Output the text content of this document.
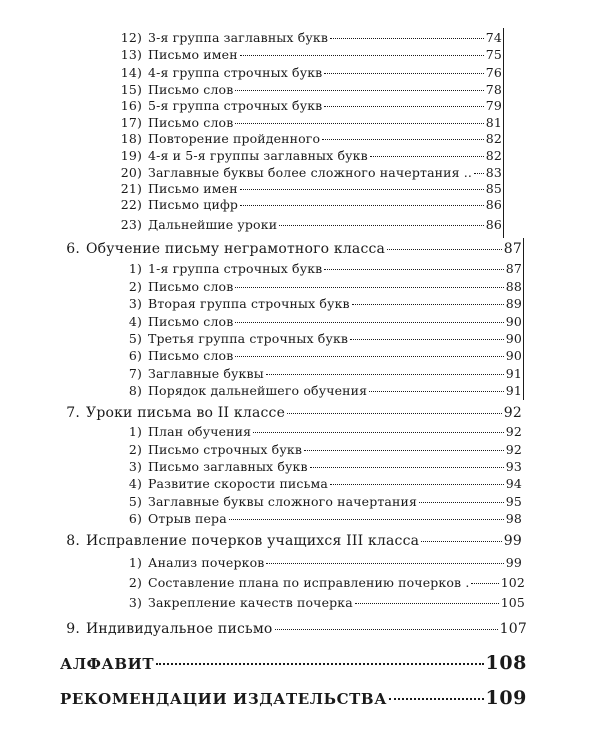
12) 3-я группа заглавных букв	74
13) Письмо имен	75
14) 4-я группа строчных букв	76
15) Письмо слов	78
16) 5-я группа строчных букв	79
17) Письмо слов	81
18) Повторение пройденного	82
19) 4-я и 5-я группы заглавных букв	82
20) Заглавные буквы более сложного начертания .. 83
21) Письмо имен	85
22) Письмо цифр	86
23) Дальнейшие уроки	86
6. Обучение письму неграмотного класса	87
1) 1-я группа строчных букв	87
2) Письмо слов	88
3) Вторая группа строчных букв	89
4) Письмо слов	90
5) Третья группа строчных букв	90
6) Письмо слов	90
7) Заглавные буквы	91
8) Порядок дальнейшего обучения	91
7. Уроки письма во II классе	92
1) План обучения	92
2) Письмо строчных букв	92
3) Письмо заглавных букв	93
4) Развитие скорости письма	94
5) Заглавные буквы сложного начертания	95
6) Отрыв пера	98
8. Исправление почерков учащихся III класса	99
1) Анализ почерков	99
2) Составление плана по исправлению почерков . 102
3) Закрепление качеств почерка	105
9. Индивидуальное письмо	107
АЛФАВИТ	108
РЕКОМЕНДАЦИИ ИЗДАТЕЛЬСТВА	109
